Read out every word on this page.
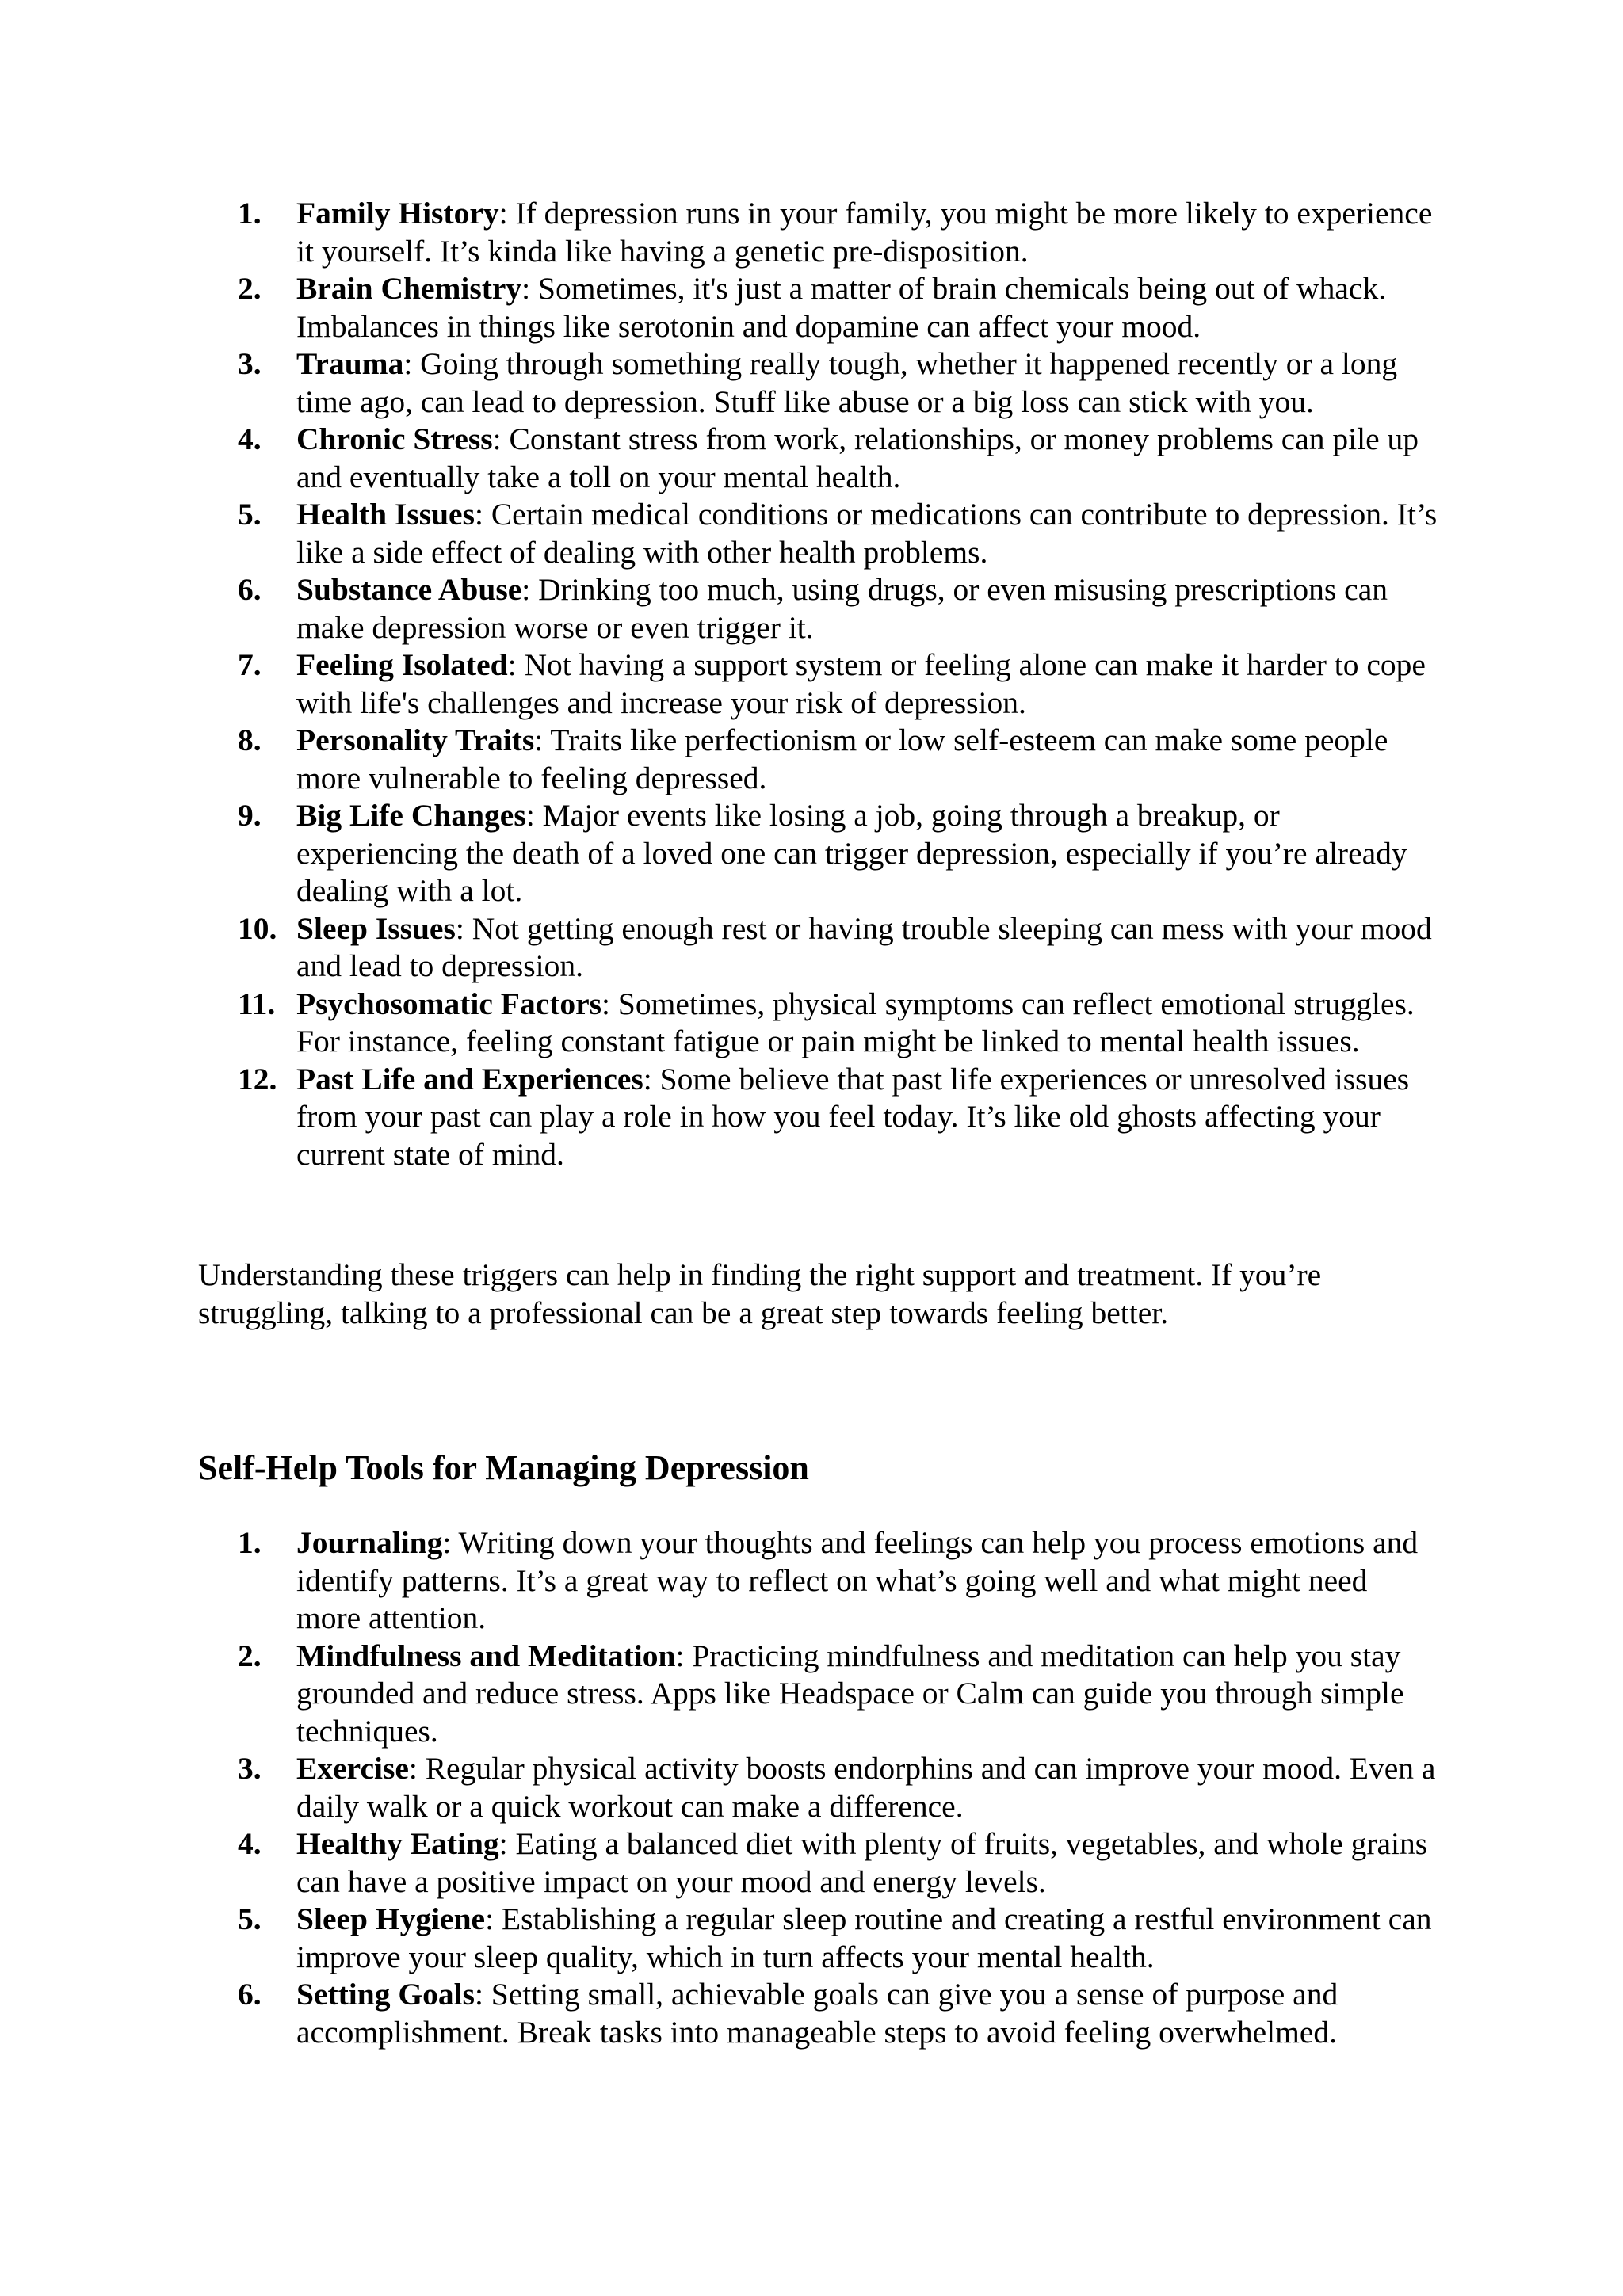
1.	Family History: If depression runs in your family, you might be more likely to experience it yourself. It’s kinda like having a genetic pre-disposition.
2.	Brain Chemistry: Sometimes, it's just a matter of brain chemicals being out of whack. Imbalances in things like serotonin and dopamine can affect your mood.
3.	Trauma: Going through something really tough, whether it happened recently or a long time ago, can lead to depression. Stuff like abuse or a big loss can stick with you.
4.	Chronic Stress: Constant stress from work, relationships, or money problems can pile up and eventually take a toll on your mental health.
5.	Health Issues: Certain medical conditions or medications can contribute to depression. It’s like a side effect of dealing with other health problems.
6.	Substance Abuse: Drinking too much, using drugs, or even misusing prescriptions can make depression worse or even trigger it.
7.	Feeling Isolated: Not having a support system or feeling alone can make it harder to cope with life's challenges and increase your risk of depression.
8.	Personality Traits: Traits like perfectionism or low self-esteem can make some people more vulnerable to feeling depressed.
9.	Big Life Changes: Major events like losing a job, going through a breakup, or experiencing the death of a loved one can trigger depression, especially if you’re already dealing with a lot.
10. Sleep Issues: Not getting enough rest or having trouble sleeping can mess with your mood and lead to depression.
11. Psychosomatic Factors: Sometimes, physical symptoms can reflect emotional struggles. For instance, feeling constant fatigue or pain might be linked to mental health issues.
12. Past Life and Experiences: Some believe that past life experiences or unresolved issues from your past can play a role in how you feel today. It’s like old ghosts affecting your current state of mind.

Understanding these triggers can help in finding the right support and treatment. If you’re struggling, talking to a professional can be a great step towards feeling better.

Self-Help Tools for Managing Depression
1.	Journaling: Writing down your thoughts and feelings can help you process emotions and identify patterns. It’s a great way to reflect on what’s going well and what might need more attention.
2.	Mindfulness and Meditation: Practicing mindfulness and meditation can help you stay grounded and reduce stress. Apps like Headspace or Calm can guide you through simple techniques.
3.	Exercise: Regular physical activity boosts endorphins and can improve your mood. Even a daily walk or a quick workout can make a difference.
4.	Healthy Eating: Eating a balanced diet with plenty of fruits, vegetables, and whole grains can have a positive impact on your mood and energy levels.
5.	Sleep Hygiene: Establishing a regular sleep routine and creating a restful environment can improve your sleep quality, which in turn affects your mental health.
6.	Setting Goals: Setting small, achievable goals can give you a sense of purpose and accomplishment. Break tasks into manageable steps to avoid feeling overwhelmed.
